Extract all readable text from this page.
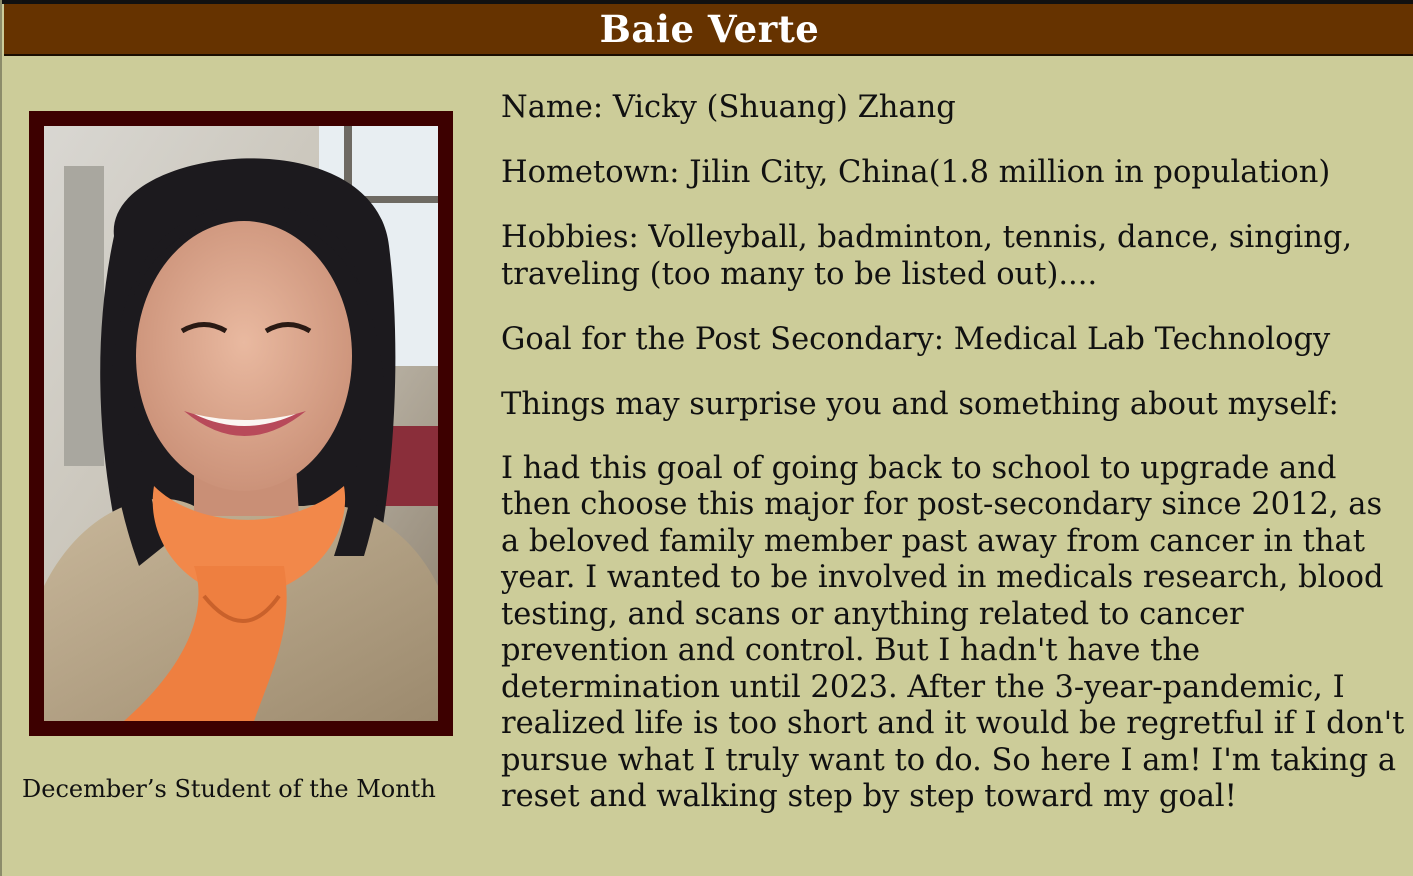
Baie Verte
December’s Student of the Month

Name: Vicky (Shuang) Zhang

Hometown: Jilin City, China(1.8 million in population)

Hobbies: Volleyball, badminton, tennis, dance, singing, traveling (too many to be listed out)....

Goal for the Post Secondary: Medical Lab Technology

Things may surprise you and something about myself:

I had this goal of going back to school to upgrade and then choose this major for post-secondary since 2012, as a beloved family member past away from cancer in that year. I wanted to be involved in medicals research, blood testing, and scans or anything related to cancer prevention and control. But I hadn't have the determination until 2023. After the 3-year-pandemic, I realized life is too short and it would be regretful if I don't pursue what I truly want to do. So here I am! I'm taking a reset and walking step by step toward my goal!
